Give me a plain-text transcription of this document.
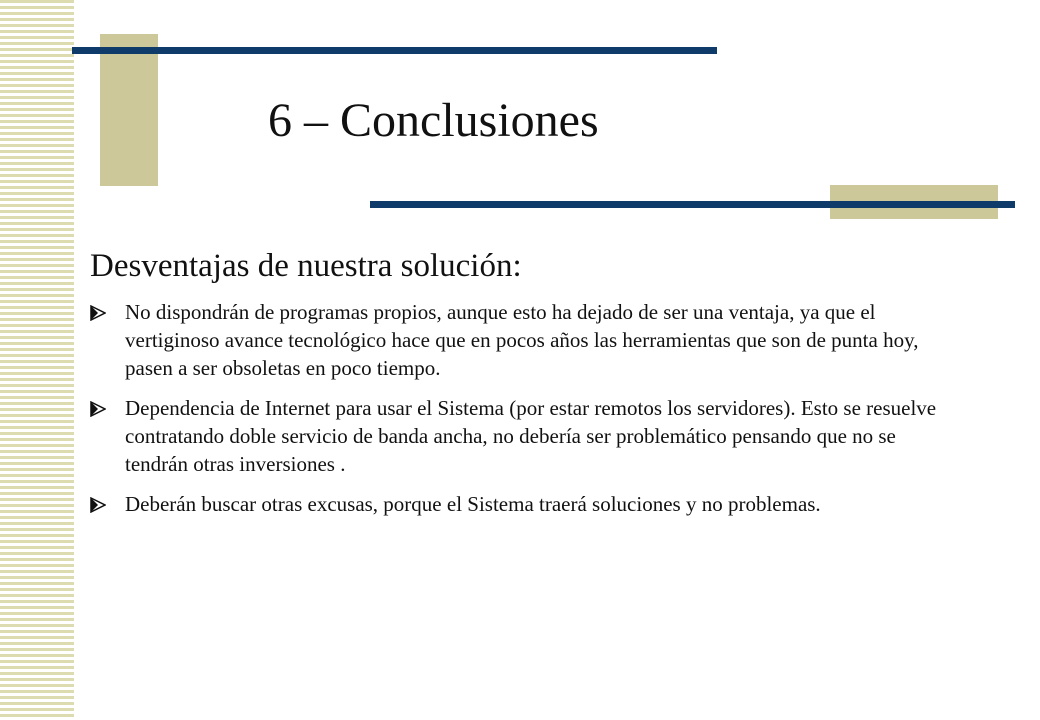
6 – Conclusiones
Desventajas de nuestra solución:
No dispondrán de programas propios, aunque esto ha dejado de ser una ventaja, ya que el vertiginoso avance tecnológico hace que en pocos años las herramientas que son de punta hoy, pasen a ser obsoletas en poco tiempo.
Dependencia de Internet para usar el Sistema (por estar remotos los servidores). Esto se resuelve contratando doble servicio de banda ancha, no debería ser problemático pensando que no se tendrán otras inversiones .
Deberán buscar otras excusas, porque el Sistema traerá soluciones y no problemas.
